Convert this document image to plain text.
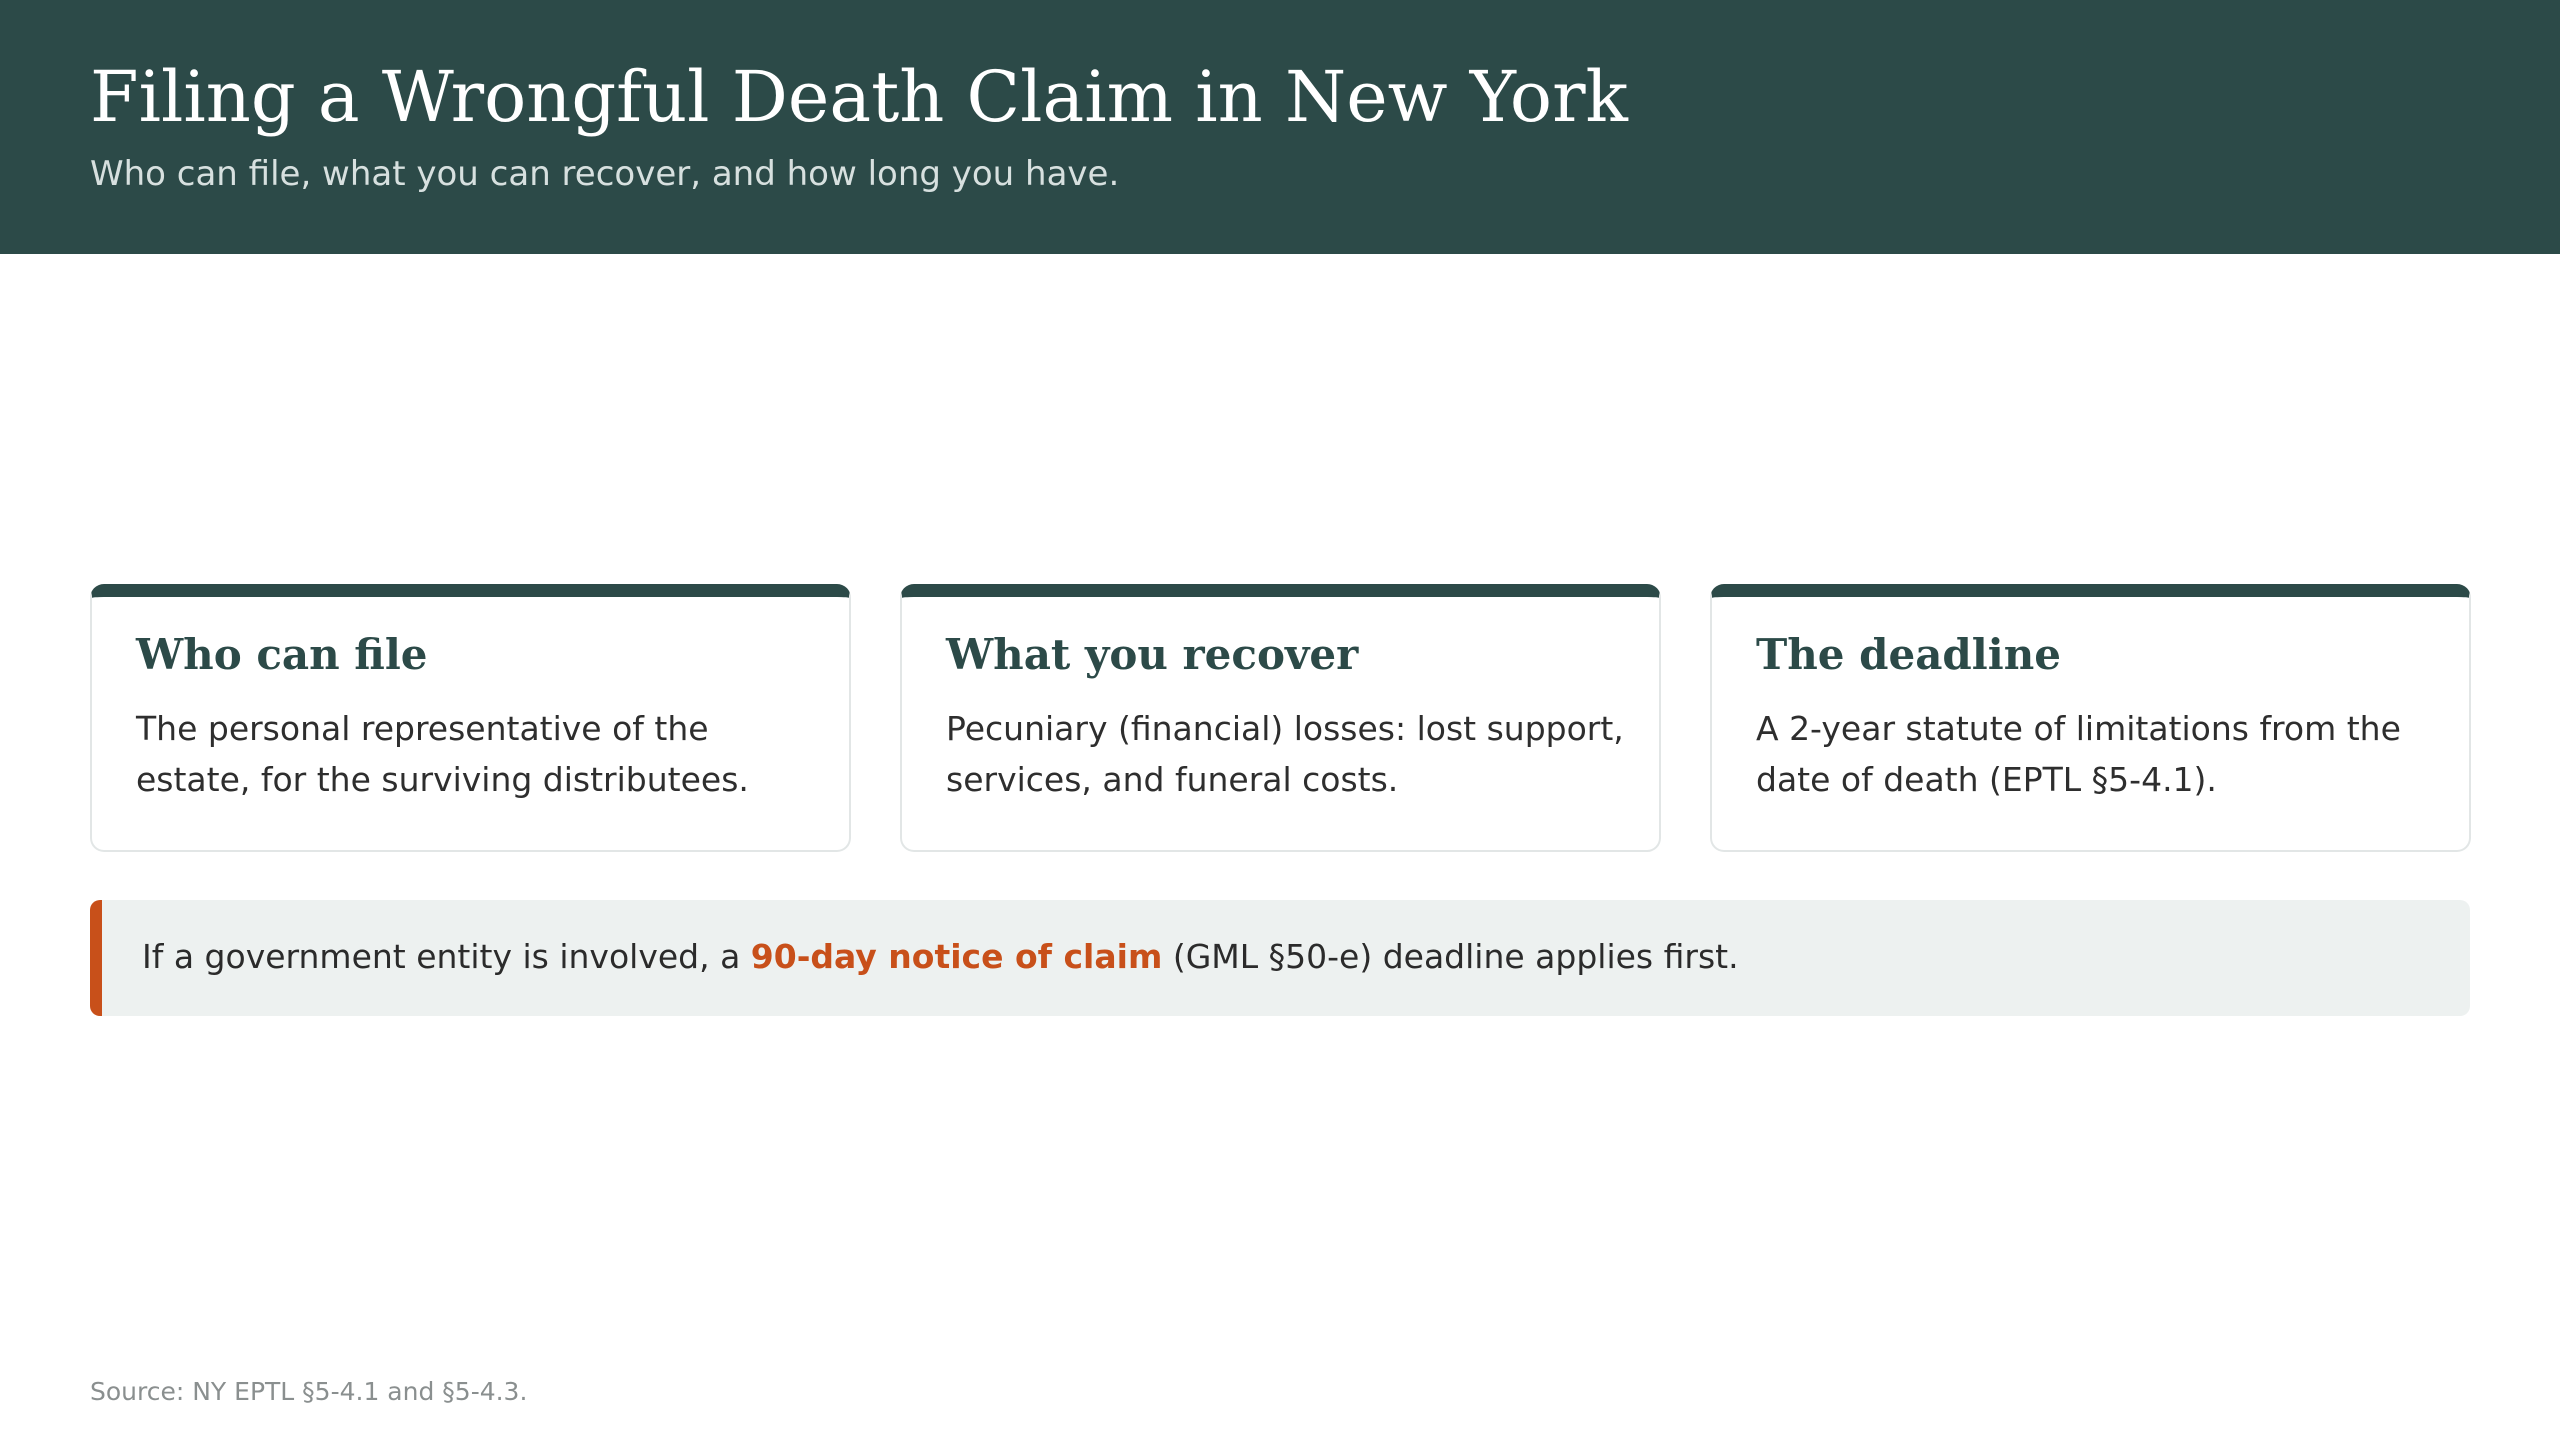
Filing a Wrongful Death Claim in New York

Who can file, what you can recover, and how long you have.

Who can file

The personal representative of the estate, for the surviving distributees.

What you recover

Pecuniary (financial) losses: lost support, services, and funeral costs.

The deadline

A 2-year statute of limitations from the date of death (EPTL §5-4.1).

If a government entity is involved, a 90-day notice of claim (GML §50-e) deadline applies first.

Source: NY EPTL §5-4.1 and §5-4.3.
